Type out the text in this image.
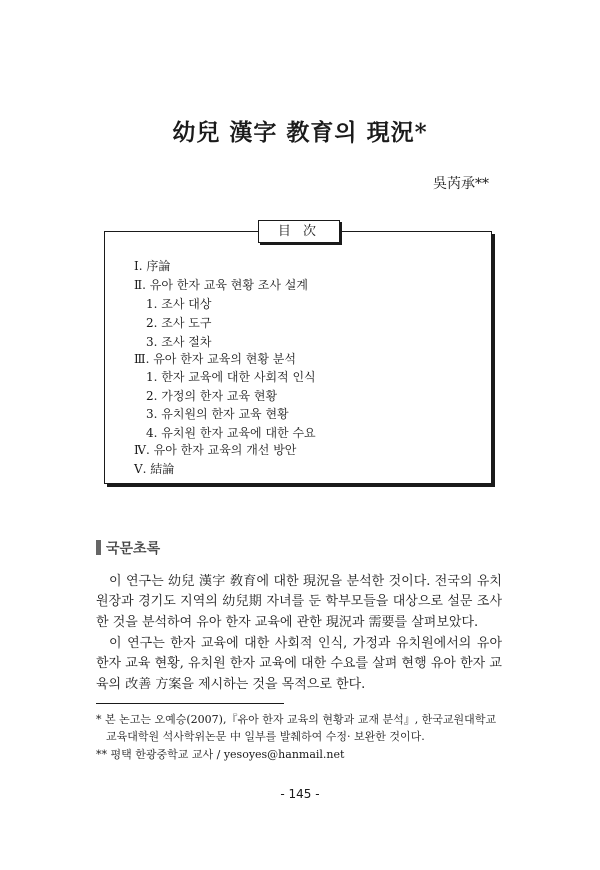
幼兒 漢字 教育의 現況*
吳芮承**
目 次
Ⅰ. 序論
Ⅱ. 유아 한자 교육 현황 조사 설계
1. 조사 대상
2. 조사 도구
3. 조사 절차
Ⅲ. 유아 한자 교육의 현황 분석
1. 한자 교육에 대한 사회적 인식
2. 가정의 한자 교육 현황
3. 유치원의 한자 교육 현황
4. 유치원 한자 교육에 대한 수요
Ⅳ. 유아 한자 교육의 개선 방안
Ⅴ. 結論
국문초록

이 연구는 幼兒 漢字 敎育에 대한 現況을 분석한 것이다. 전국의 유치원장과 경기도 지역의 幼兒期 자녀를 둔 학부모들을 대상으로 설문 조사한 것을 분석하여 유아 한자 교육에 관한 現況과 需要를 살펴보았다.

이 연구는 한자 교육에 대한 사회적 인식, 가정과 유치원에서의 유아 한자 교육 현황, 유치원 한자 교육에 대한 수요를 살펴 현행 유아 한자 교육의 改善 方案을 제시하는 것을 목적으로 한다.

* 본 논고는 오예승(2007),『유아 한자 교육의 현황과 교재 분석』, 한국교원대학교
교육대학원 석사학위논문 中 일부를 발췌하여 수정· 보완한 것이다.
** 평택 한광중학교 교사 / yesoyes@hanmail.net
- 145 -
